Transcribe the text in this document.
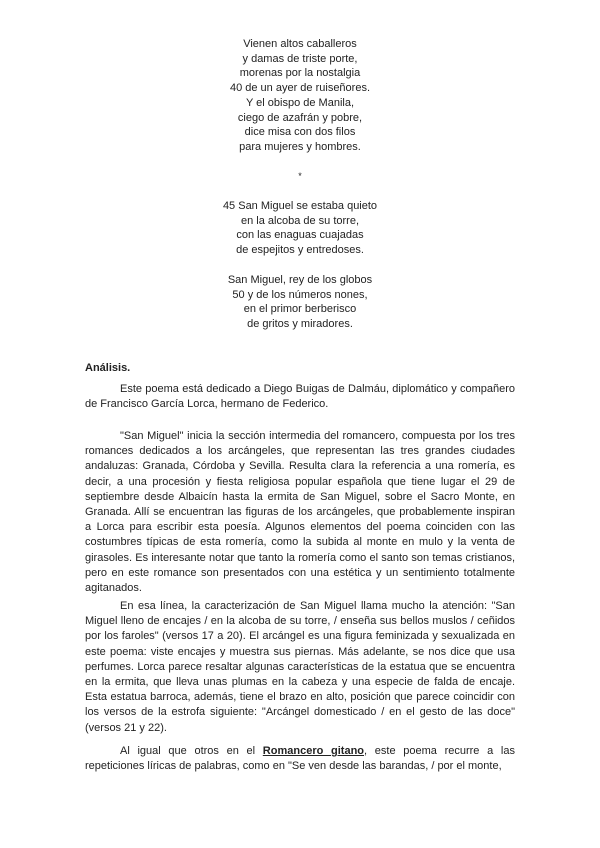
Vienen altos caballeros
y damas de triste porte,
morenas por la nostalgia
40 de un ayer de ruiseñores.
Y el obispo de Manila,
ciego de azafrán y pobre,
dice misa con dos filos
para mujeres y hombres.
*
45 San Miguel se estaba quieto
en la alcoba de su torre,
con las enaguas cuajadas
de espejitos y entredoses.
San Miguel, rey de los globos
50 y de los números nones,
en el primor berberisco
de gritos y miradores.
Análisis.

Este poema está dedicado a Diego Buigas de Dalmáu, diplomático y compañero de Francisco García Lorca, hermano de Federico.

"San Miguel" inicia la sección intermedia del romancero, compuesta por los tres romances dedicados a los arcángeles, que representan las tres grandes ciudades andaluzas: Granada, Córdoba y Sevilla. Resulta clara la referencia a una romería, es decir, a una procesión y fiesta religiosa popular española que tiene lugar el 29 de septiembre desde Albaicín hasta la ermita de San Miguel, sobre el Sacro Monte, en Granada. Allí se encuentran las figuras de los arcángeles, que probablemente inspiran a Lorca para escribir esta poesía. Algunos elementos del poema coinciden con las costumbres típicas de esta romería, como la subida al monte en mulo y la venta de girasoles. Es interesante notar que tanto la romería como el santo son temas cristianos, pero en este romance son presentados con una estética y un sentimiento totalmente agitanados.

En esa línea, la caracterización de San Miguel llama mucho la atención: "San Miguel lleno de encajes / en la alcoba de su torre, / enseña sus bellos muslos / ceñidos por los faroles" (versos 17 a 20). El arcángel es una figura feminizada y sexualizada en este poema: viste encajes y muestra sus piernas. Más adelante, se nos dice que usa perfumes. Lorca parece resaltar algunas características de la estatua que se encuentra en la ermita, que lleva unas plumas en la cabeza y una especie de falda de encaje. Esta estatua barroca, además, tiene el brazo en alto, posición que parece coincidir con los versos de la estrofa siguiente: "Arcángel domesticado / en el gesto de las doce" (versos 21 y 22).

Al igual que otros en el Romancero gitano, este poema recurre a las repeticiones líricas de palabras, como en "Se ven desde las barandas, / por el monte,
